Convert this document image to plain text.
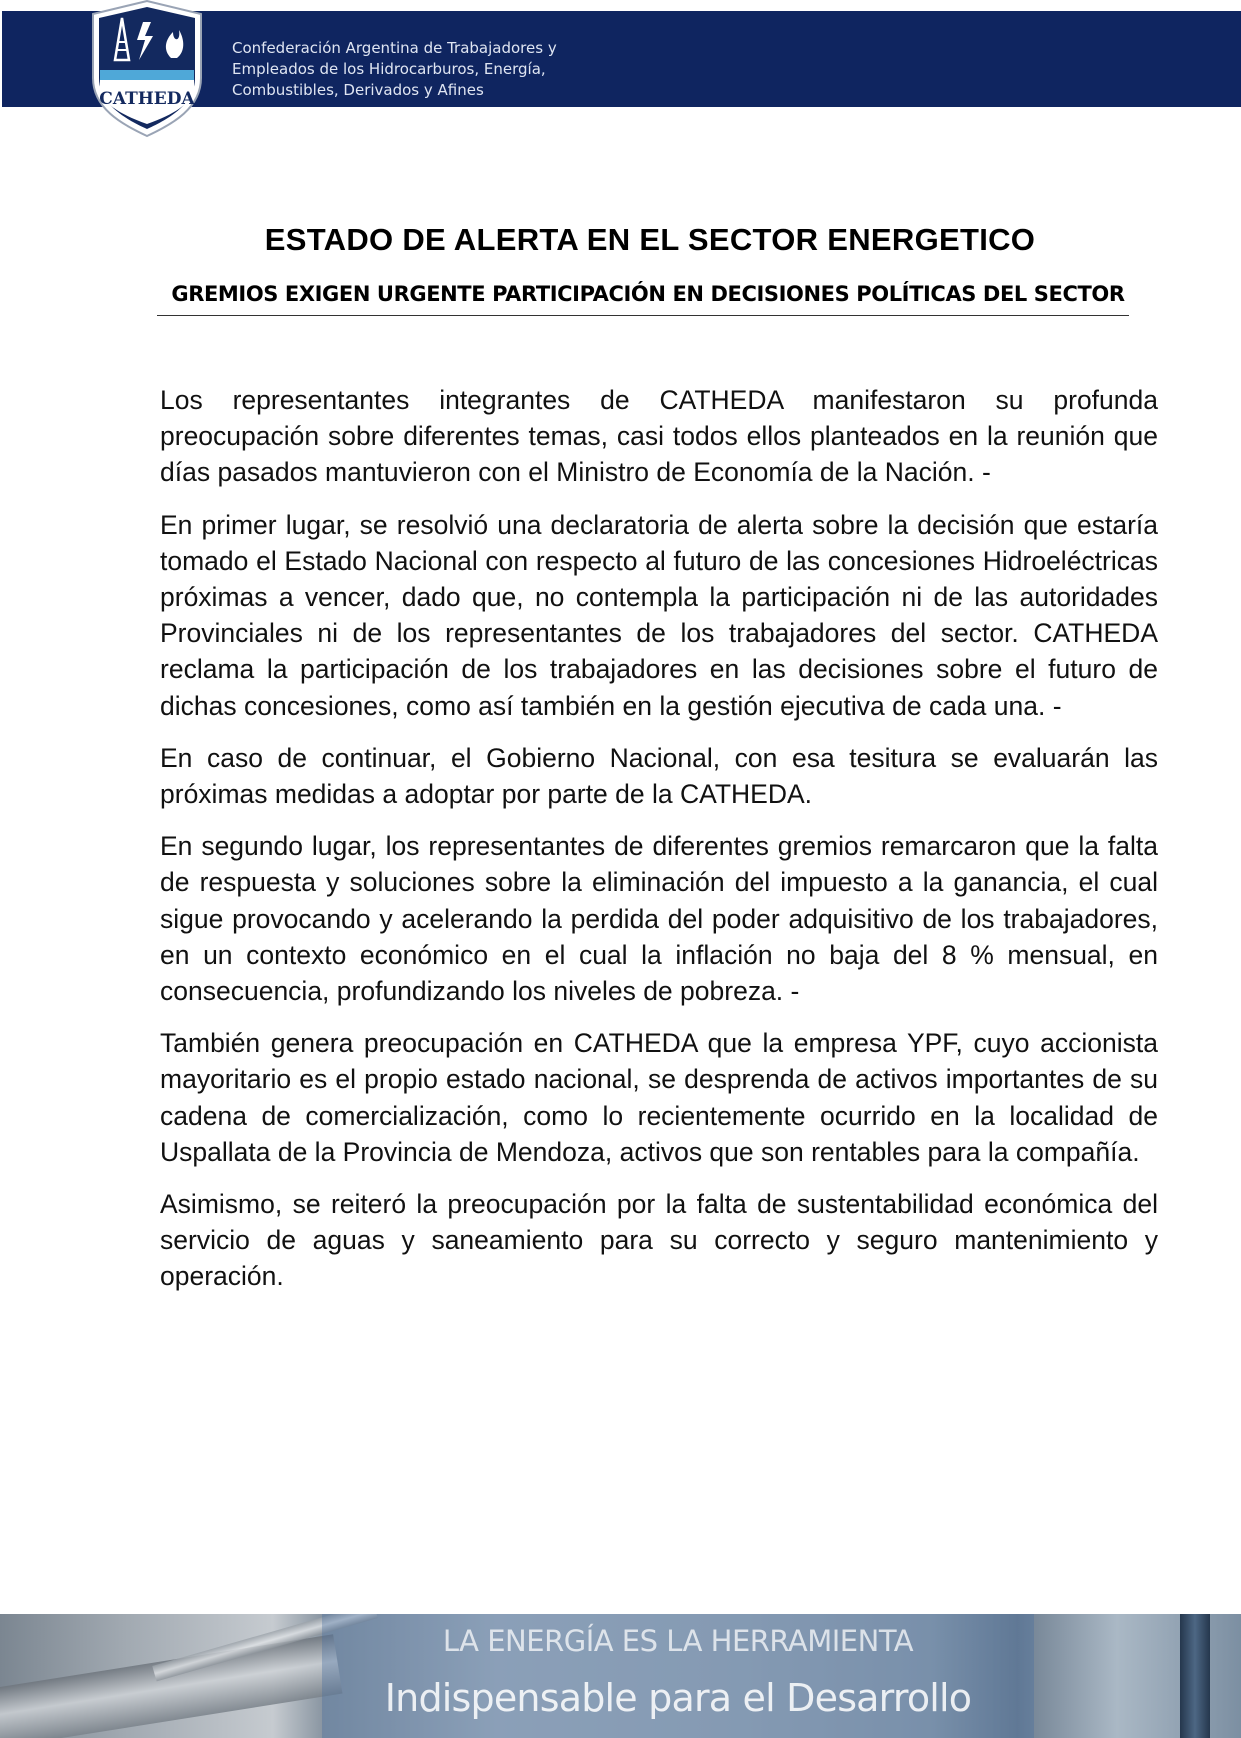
CATHEDA
Confederación Argentina de Trabajadores y
Empleados de los Hidrocarburos, Energía,
Combustibles, Derivados y Afines
ESTADO DE ALERTA EN EL SECTOR ENERGETICO
GREMIOS EXIGEN URGENTE PARTICIPACIÓN EN DECISIONES POLÍTICAS DEL SECTOR

Los representantes integrantes de CATHEDA manifestaron su profunda preocupación sobre diferentes temas, casi todos ellos planteados en la reunión que días pasados mantuvieron con el Ministro de Economía de la Nación. -

En primer lugar, se resolvió una declaratoria de alerta sobre la decisión que estaría tomado el Estado Nacional con respecto al futuro de las concesiones Hidroeléctricas próximas a vencer, dado que, no contempla la participación ni de las autoridades Provinciales ni de los representantes de los trabajadores del sector. CATHEDA reclama la participación de los trabajadores en las decisiones sobre el futuro de dichas concesiones, como así también en la gestión ejecutiva de cada una. -

En caso de continuar, el Gobierno Nacional, con esa tesitura se evaluarán las próximas medidas a adoptar por parte de la CATHEDA.

En segundo lugar, los representantes de diferentes gremios remarcaron que la falta de respuesta y soluciones sobre la eliminación del impuesto a la ganancia, el cual sigue provocando y acelerando la perdida del poder adquisitivo de los trabajadores, en un contexto económico en el cual la inflación no baja del 8 % mensual, en consecuencia, profundizando los niveles de pobreza. -

También genera preocupación en CATHEDA que la empresa YPF, cuyo accionista mayoritario es el propio estado nacional, se desprenda de activos importantes de su cadena de comercialización, como lo recientemente ocurrido en la localidad de Uspallata de la Provincia de Mendoza, activos que son rentables para la compañía.

Asimismo, se reiteró la preocupación por la falta de sustentabilidad económica del servicio de aguas y saneamiento para su correcto y seguro mantenimiento y operación.

LA ENERGÍA ES LA HERRAMIENTA
Indispensable para el Desarrollo
